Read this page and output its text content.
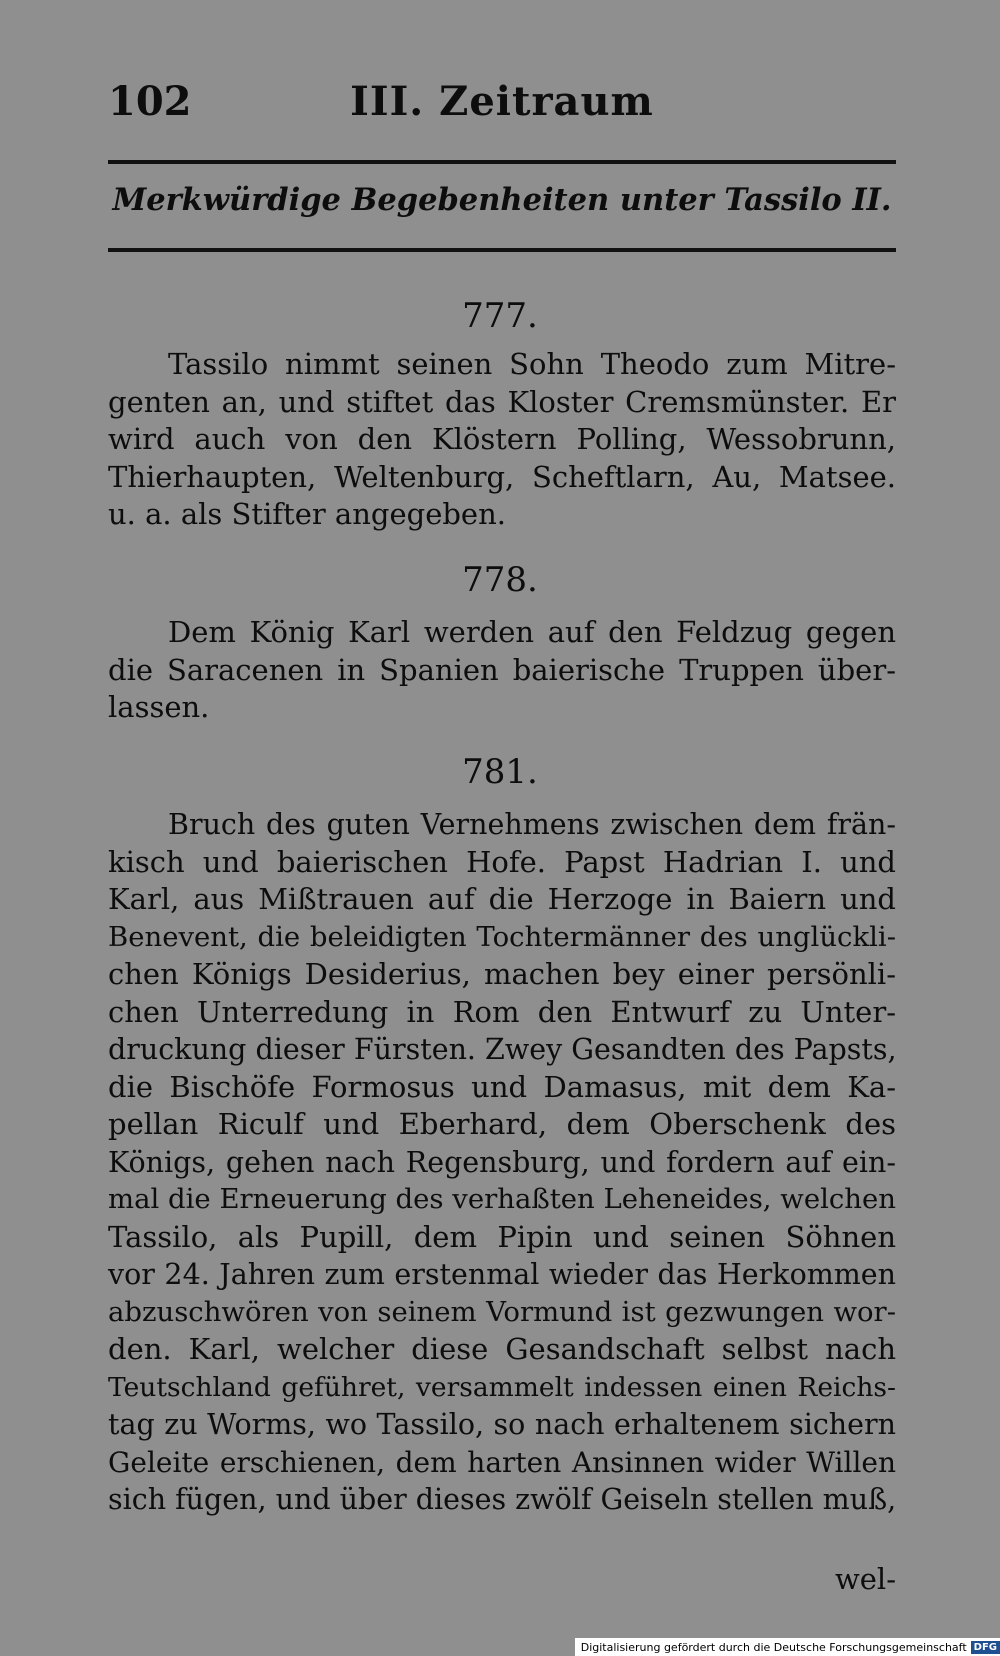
102	III. Zeitraum
Merkwürdige Begebenheiten unter Tassilo II.
777.
Tassilo nimmt seinen Sohn Theodo zum Mitre-
genten an, und stiftet das Kloster Cremsmünster. Er
wird auch von den Klöstern Polling, Wessobrunn,
Thierhaupten, Weltenburg, Scheftlarn, Au, Matsee.
u. a. als Stifter angegeben.
778.
Dem König Karl werden auf den Feldzug gegen
die Saracenen in Spanien baierische Truppen über-
lassen.
781.
Bruch des guten Vernehmens zwischen dem frän-
kisch und baierischen Hofe. Papst Hadrian I. und
Karl, aus Mißtrauen auf die Herzoge in Baiern und
Benevent, die beleidigten Tochtermänner des unglückli-
chen Königs Desiderius, machen bey einer persönli-
chen Unterredung in Rom den Entwurf zu Unter-
druckung dieser Fürsten. Zwey Gesandten des Papsts,
die Bischöfe Formosus und Damasus, mit dem Ka-
pellan Riculf und Eberhard, dem Oberschenk des
Königs, gehen nach Regensburg, und fordern auf ein-
mal die Erneuerung des verhaßten Leheneides, welchen
Tassilo, als Pupill, dem Pipin und seinen Söhnen
vor 24. Jahren zum erstenmal wieder das Herkommen
abzuschwören von seinem Vormund ist gezwungen wor-
den. Karl, welcher diese Gesandschaft selbst nach
Teutschland geführet, versammelt indessen einen Reichs-
tag zu Worms, wo Tassilo, so nach erhaltenem sichern
Geleite erschienen, dem harten Ansinnen wider Willen
sich fügen, und über dieses zwölf Geiseln stellen muß,
wel-
Digitalisierung gefördert durch die Deutsche Forschungsgemeinschaft DFG
